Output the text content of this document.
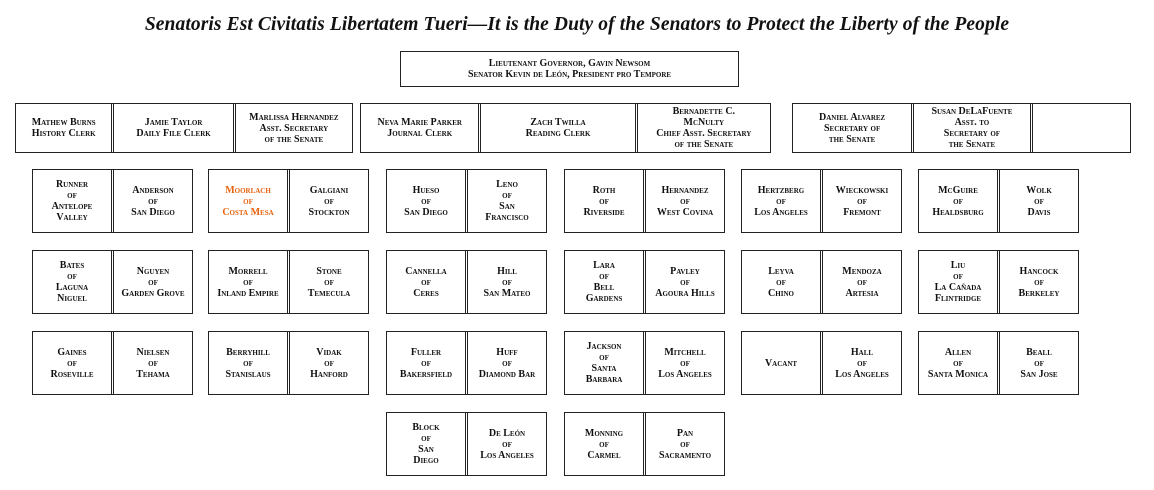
Senatoris Est Civitatis Libertatem Tueri—It is the Duty of the Senators to Protect the Liberty of the People
Lieutenant Governor, Gavin Newsom
Senator Kevin de León, President pro Tempore
Mathew Burns
History Clerk
Jamie Taylor
Daily File Clerk
Marlissa Hernandez
Asst. Secretary
of the Senate
Neva Marie Parker
Journal Clerk
Zach Twilla
Reading Clerk
Bernadette C.
McNulty
Chief Asst. Secretary
of the Senate
Daniel Alvarez
Secretary of
the Senate
Susan DeLaFuente
Asst. to
Secretary of
the Senate
Runner
of
Antelope
Valley
Anderson
of
San Diego
Moorlach
of
Costa Mesa
Galgiani
of
Stockton
Hueso
of
San Diego
Leno
of
San
Francisco
Roth
of
Riverside
Hernandez
of
West Covina
Hertzberg
of
Los Angeles
Wieckowski
of
Fremont
McGuire
of
Healdsburg
Wolk
of
Davis
Bates
of
Laguna
Niguel
Nguyen
of
Garden Grove
Morrell
of
Inland Empire
Stone
of
Temecula
Cannella
of
Ceres
Hill
of
San Mateo
Lara
of
Bell
Gardens
Pavley
of
Agoura Hills
Leyva
of
Chino
Mendoza
of
Artesia
Liu
of
La Cañada
Flintridge
Hancock
of
Berkeley
Gaines
of
Roseville
Nielsen
of
Tehama
Berryhill
of
Stanislaus
Vidak
of
Hanford
Fuller
of
Bakersfield
Huff
of
Diamond Bar
Jackson
of
Santa
Barbara
Mitchell
of
Los Angeles
Vacant
Hall
of
Los Angeles
Allen
of
Santa Monica
Beall
of
San Jose
Block
of
San
Diego
De León
of
Los Angeles
Monning
of
Carmel
Pan
of
Sacramento
